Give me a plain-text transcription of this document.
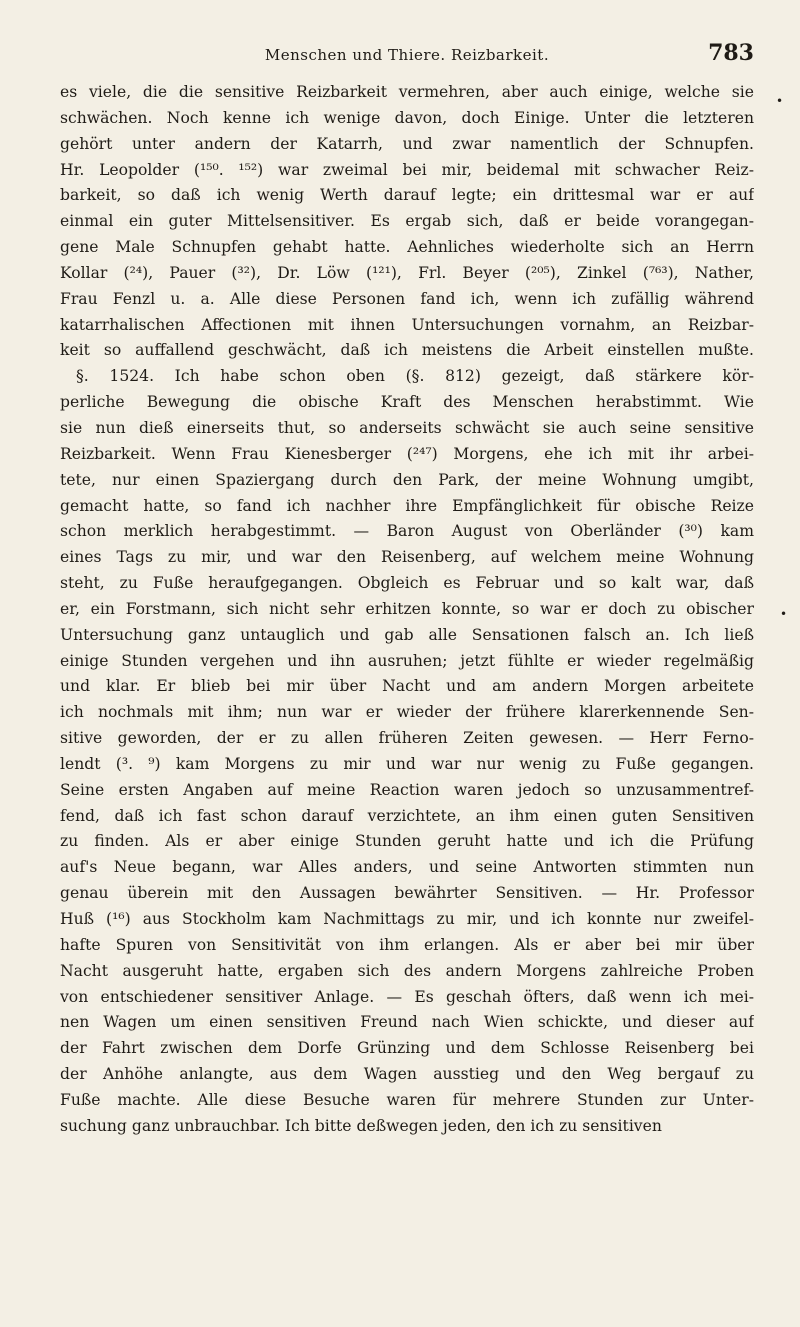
Menschen und Thiere. Reizbarkeit.	783
•
•

es viele, die die sensitive Reizbarkeit vermehren, aber auch einige, welche sie

schwächen. Noch kenne ich wenige davon, doch Einige. Unter die letzteren

gehört unter andern der Katarrh, und zwar namentlich der Schnupfen.

Hr. Leopolder (¹⁵⁰. ¹⁵²) war zweimal bei mir, beidemal mit schwacher Reiz-

barkeit, so daß ich wenig Werth darauf legte; ein drittesmal war er auf

einmal ein guter Mittelsensitiver. Es ergab sich, daß er beide vorangegan-

gene Male Schnupfen gehabt hatte. Aehnliches wiederholte sich an Herrn

Kollar (²⁴), Pauer (³²), Dr. Löw (¹²¹), Frl. Beyer (²⁰⁵), Zinkel (⁷⁶³), Nather,

Frau Fenzl u. a. Alle diese Personen fand ich, wenn ich zufällig während

katarrhalischen Affectionen mit ihnen Untersuchungen vornahm, an Reizbar-

keit so auffallend geschwächt, daß ich meistens die Arbeit einstellen mußte.

§. 1524. Ich habe schon oben (§. 812) gezeigt, daß stärkere kör-

perliche Bewegung die obische Kraft des Menschen herabstimmt. Wie

sie nun dieß einerseits thut, so anderseits schwächt sie auch seine sensitive

Reizbarkeit. Wenn Frau Kienesberger (²⁴⁷) Morgens, ehe ich mit ihr arbei-

tete, nur einen Spaziergang durch den Park, der meine Wohnung umgibt,

gemacht hatte, so fand ich nachher ihre Empfänglichkeit für obische Reize

schon merklich herabgestimmt. — Baron August von Oberländer (³⁰) kam

eines Tags zu mir, und war den Reisenberg, auf welchem meine Wohnung

steht, zu Fuße heraufgegangen. Obgleich es Februar und so kalt war, daß

er, ein Forstmann, sich nicht sehr erhitzen konnte, so war er doch zu obischer

Untersuchung ganz untauglich und gab alle Sensationen falsch an. Ich ließ

einige Stunden vergehen und ihn ausruhen; jetzt fühlte er wieder regelmäßig

und klar. Er blieb bei mir über Nacht und am andern Morgen arbeitete

ich nochmals mit ihm; nun war er wieder der frühere klarerkennende Sen-

sitive geworden, der er zu allen früheren Zeiten gewesen. — Herr Ferno-

lendt (³. ⁹) kam Morgens zu mir und war nur wenig zu Fuße gegangen.

Seine ersten Angaben auf meine Reaction waren jedoch so unzusammentref-

fend, daß ich fast schon darauf verzichtete, an ihm einen guten Sensitiven

zu finden. Als er aber einige Stunden geruht hatte und ich die Prüfung

auf's Neue begann, war Alles anders, und seine Antworten stimmten nun

genau überein mit den Aussagen bewährter Sensitiven. — Hr. Professor

Huß (¹⁶) aus Stockholm kam Nachmittags zu mir, und ich konnte nur zweifel-

hafte Spuren von Sensitivität von ihm erlangen. Als er aber bei mir über

Nacht ausgeruht hatte, ergaben sich des andern Morgens zahlreiche Proben

von entschiedener sensitiver Anlage. — Es geschah öfters, daß wenn ich mei-

nen Wagen um einen sensitiven Freund nach Wien schickte, und dieser auf

der Fahrt zwischen dem Dorfe Grünzing und dem Schlosse Reisenberg bei

der Anhöhe anlangte, aus dem Wagen ausstieg und den Weg bergauf zu

Fuße machte. Alle diese Besuche waren für mehrere Stunden zur Unter-

suchung ganz unbrauchbar. Ich bitte deßwegen jeden, den ich zu sensitiven
